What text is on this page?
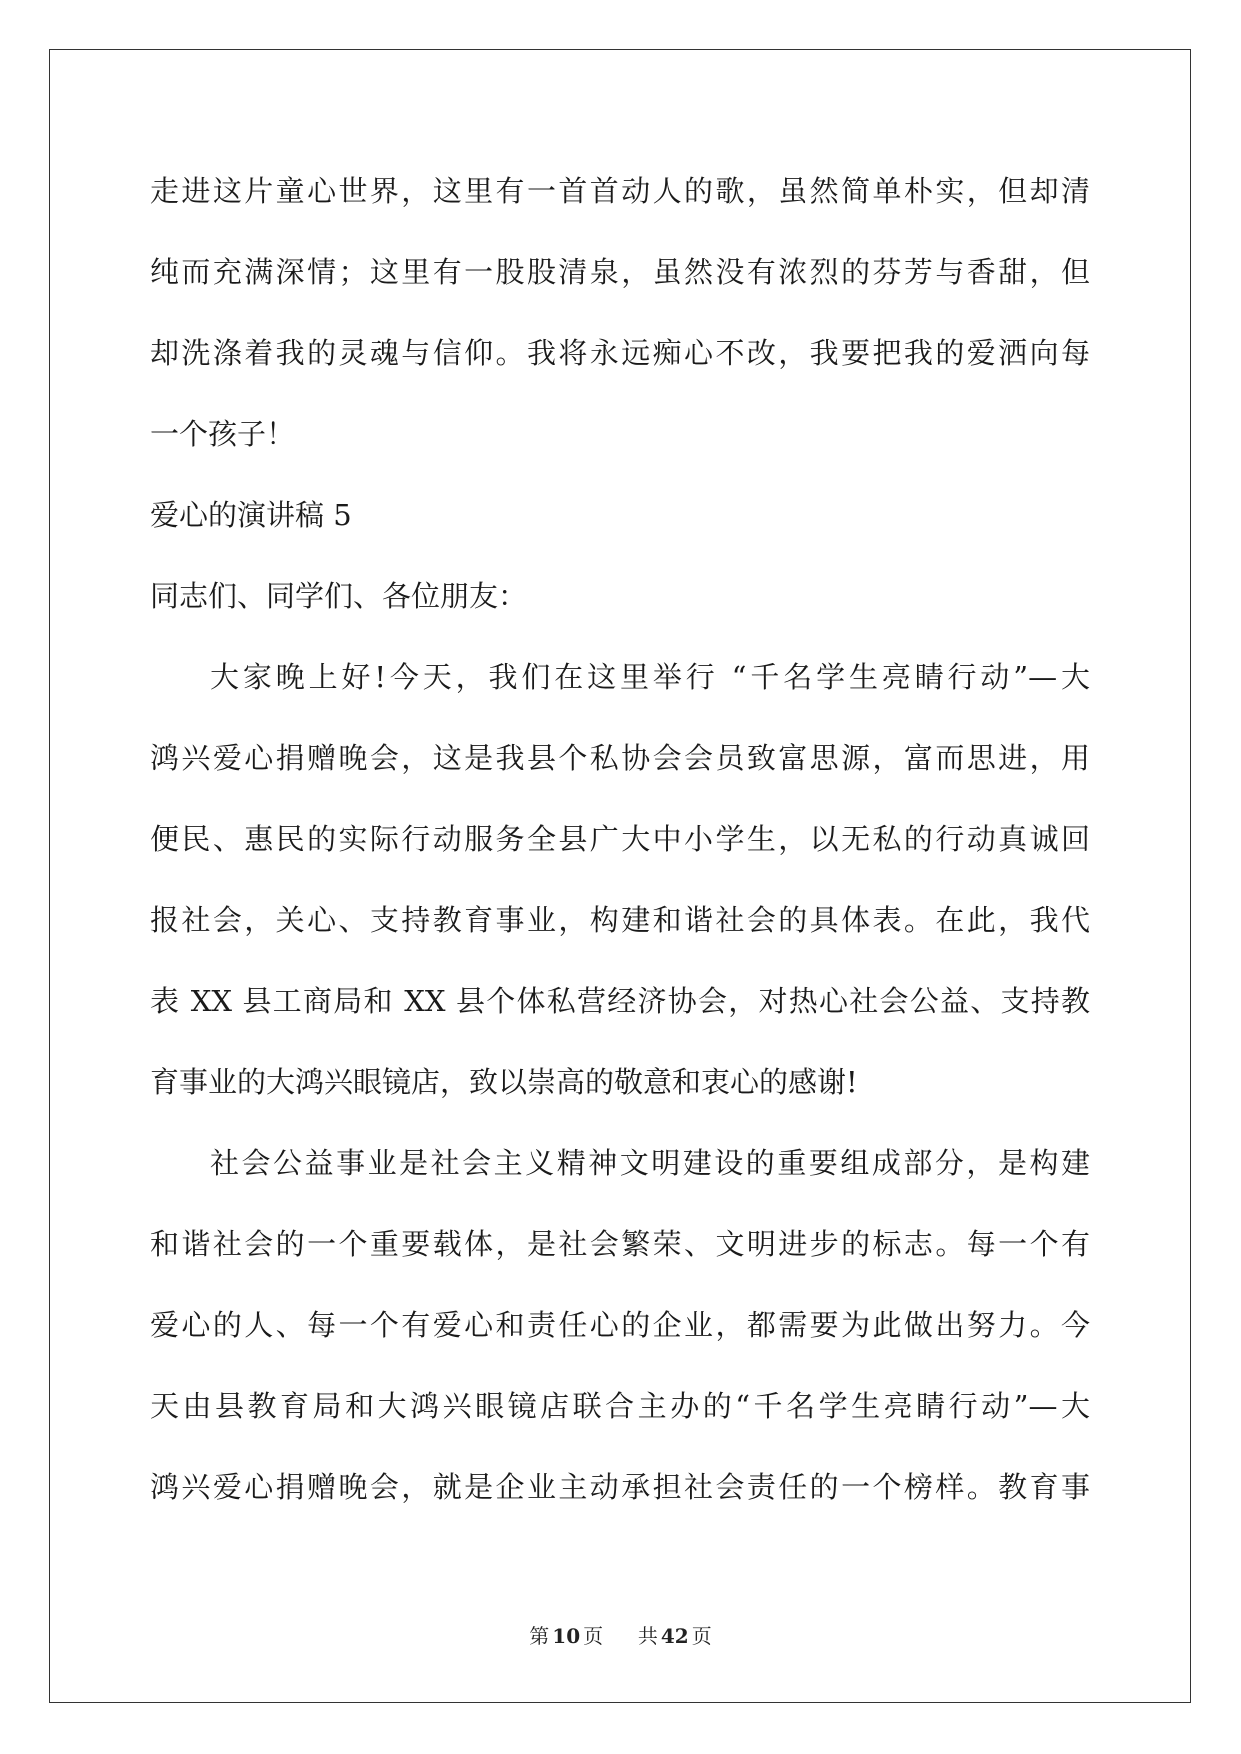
走进这片童心世界，这里有一首首动人的歌，虽然简单朴实，但却清
纯而充满深情；这里有一股股清泉，虽然没有浓烈的芬芳与香甜，但
却洗涤着我的灵魂与信仰。我将永远痴心不改，我要把我的爱洒向每
一个孩子！
爱心的演讲稿 5
同志们、同学们、各位朋友：
大家晚上好!今天，我们在这里举行 “千名学生亮睛行动”—大
鸿兴爱心捐赠晚会，这是我县个私协会会员致富思源，富而思进，用
便民、惠民的实际行动服务全县广大中小学生，以无私的行动真诚回
报社会，关心、支持教育事业，构建和谐社会的具体表。在此，我代
表 XX 县工商局和 XX 县个体私营经济协会，对热心社会公益、支持教
育事业的大鸿兴眼镜店，致以崇高的敬意和衷心的感谢!
社会公益事业是社会主义精神文明建设的重要组成部分，是构建
和谐社会的一个重要载体，是社会繁荣、文明进步的标志。每一个有
爱心的人、每一个有爱心和责任心的企业，都需要为此做出努力。今
天由县教育局和大鸿兴眼镜店联合主办的“千名学生亮睛行动”—大
鸿兴爱心捐赠晚会，就是企业主动承担社会责任的一个榜样。教育事
第 10 页 共 42 页
